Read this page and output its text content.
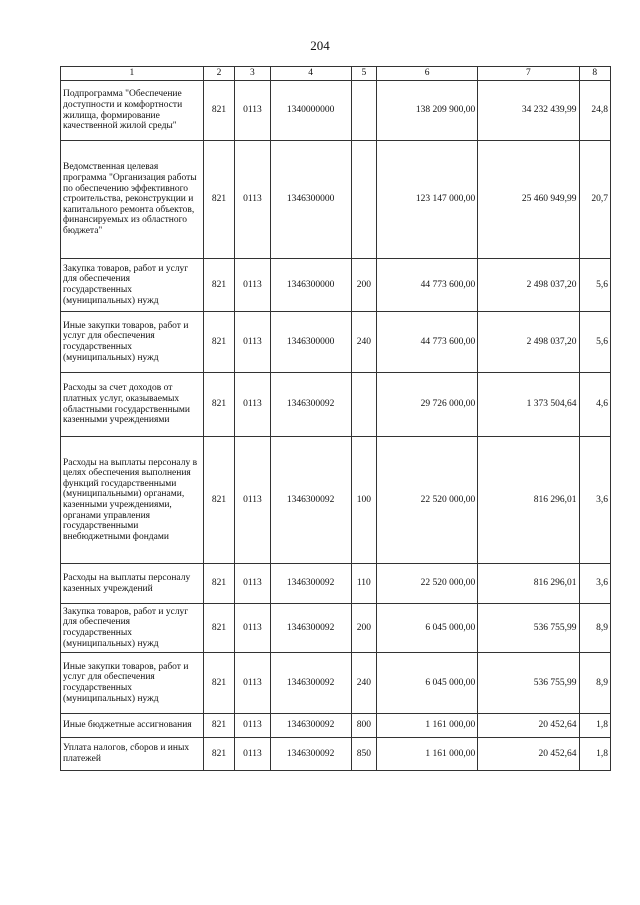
204
1	2	3	4	5	6	7	8
Подпрограмма "Обеспечение доступности и комфортности жилища, формирование качественной жилой среды"	821	0113	1340000000		138 209 900,00	34 232 439,99	24,8
Ведомственная целевая программа "Организация работы по обеспечению эффективного строительства, реконструкции и капитального ремонта объектов, финансируемых из областного бюджета"	821	0113	1346300000		123 147 000,00	25 460 949,99	20,7
Закупка товаров, работ и услуг для обеспечения государственных (муниципальных) нужд	821	0113	1346300000	200	44 773 600,00	2 498 037,20	5,6
Иные закупки товаров, работ и услуг для обеспечения государственных (муниципальных) нужд	821	0113	1346300000	240	44 773 600,00	2 498 037,20	5,6
Расходы за счет доходов от платных услуг, оказываемых областными государственными казенными учреждениями	821	0113	1346300092		29 726 000,00	1 373 504,64	4,6
Расходы на выплаты персоналу в целях обеспечения выполнения функций государственными (муниципальными) органами, казенными учреждениями, органами управления государственными внебюджетными фондами	821	0113	1346300092	100	22 520 000,00	816 296,01	3,6
Расходы на выплаты персоналу казенных учреждений	821	0113	1346300092	110	22 520 000,00	816 296,01	3,6
Закупка товаров, работ и услуг для обеспечения государственных (муниципальных) нужд	821	0113	1346300092	200	6 045 000,00	536 755,99	8,9
Иные закупки товаров, работ и услуг для обеспечения государственных (муниципальных) нужд	821	0113	1346300092	240	6 045 000,00	536 755,99	8,9
Иные бюджетные ассигнования	821	0113	1346300092	800	1 161 000,00	20 452,64	1,8
Уплата налогов, сборов и иных платежей	821	0113	1346300092	850	1 161 000,00	20 452,64	1,8
